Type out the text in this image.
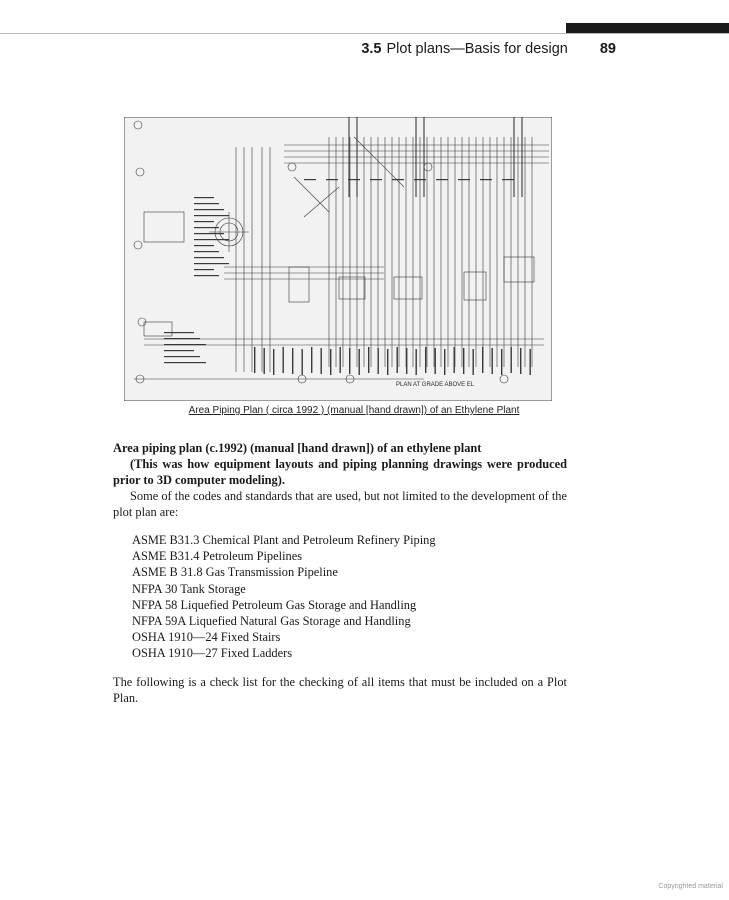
3.5 Plot plans—Basis for design 89
PLAN AT GRADE ABOVE EL
Area Piping Plan ( circa 1992 ) (manual [hand drawn]) of an Ethylene Plant

Area piping plan (c.1992) (manual [hand drawn]) of an ethylene plant

(This was how equipment layouts and piping planning drawings were produced prior to 3D computer modeling).

Some of the codes and standards that are used, but not limited to the development of the plot plan are:

ASME B31.3 Chemical Plant and Petroleum Refinery Piping
ASME B31.4 Petroleum Pipelines
ASME B 31.8 Gas Transmission Pipeline
NFPA 30 Tank Storage
NFPA 58 Liquefied Petroleum Gas Storage and Handling
NFPA 59A Liquefied Natural Gas Storage and Handling
OSHA 1910—24 Fixed Stairs
OSHA 1910—27 Fixed Ladders

The following is a check list for the checking of all items that must be included on a Plot Plan.

Copyrighted material
